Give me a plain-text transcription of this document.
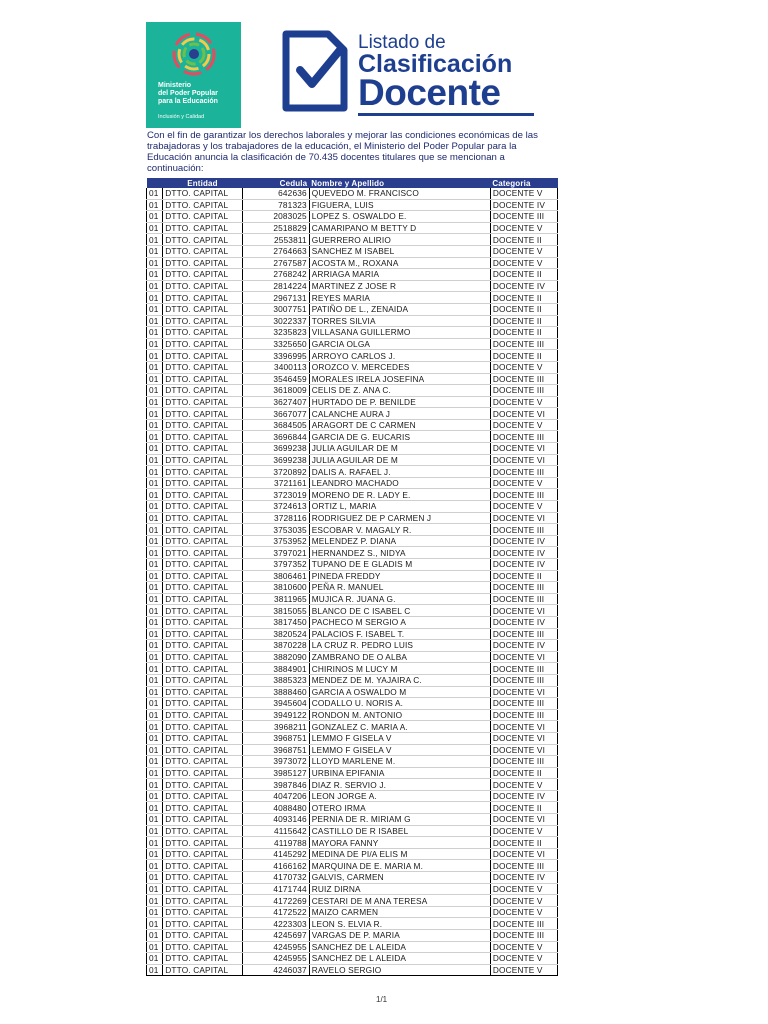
Ministerio
del Poder Popular
para la Educación
Inclusión y Calidad
Listado de
Clasificación
Docente
Con el fin de garantizar los derechos laborales y mejorar las condiciones económicas de las trabajadoras y los trabajadores de la educación, el Ministerio del Poder Popular para la Educación anuncia la clasificación de 70.435 docentes titulares que se mencionan a continuación:
	Entidad	Cedula	Nombre y Apellido	Categoria
01	DTTO. CAPITAL	642636	QUEVEDO M. FRANCISCO	DOCENTE V
01	DTTO. CAPITAL	781323	FIGUERA, LUIS	DOCENTE IV
01	DTTO. CAPITAL	2083025	LOPEZ S. OSWALDO E.	DOCENTE III
01	DTTO. CAPITAL	2518829	CAMARIPANO M BETTY D	DOCENTE V
01	DTTO. CAPITAL	2553811	GUERRERO ALIRIO	DOCENTE II
01	DTTO. CAPITAL	2764663	SANCHEZ M ISABEL	DOCENTE V
01	DTTO. CAPITAL	2767587	ACOSTA M., ROXANA	DOCENTE V
01	DTTO. CAPITAL	2768242	ARRIAGA MARIA	DOCENTE II
01	DTTO. CAPITAL	2814224	MARTINEZ Z JOSE R	DOCENTE IV
01	DTTO. CAPITAL	2967131	REYES MARIA	DOCENTE II
01	DTTO. CAPITAL	3007751	PATIÑO DE L., ZENAIDA	DOCENTE II
01	DTTO. CAPITAL	3022337	TORRES SILVIA	DOCENTE II
01	DTTO. CAPITAL	3235823	VILLASANA GUILLERMO	DOCENTE II
01	DTTO. CAPITAL	3325650	GARCIA OLGA	DOCENTE III
01	DTTO. CAPITAL	3396995	ARROYO CARLOS J.	DOCENTE II
01	DTTO. CAPITAL	3400113	OROZCO V. MERCEDES	DOCENTE V
01	DTTO. CAPITAL	3546459	MORALES IRELA JOSEFINA	DOCENTE III
01	DTTO. CAPITAL	3618009	CELIS DE Z. ANA C.	DOCENTE III
01	DTTO. CAPITAL	3627407	HURTADO DE P. BENILDE	DOCENTE V
01	DTTO. CAPITAL	3667077	CALANCHE AURA J	DOCENTE VI
01	DTTO. CAPITAL	3684505	ARAGORT DE C CARMEN	DOCENTE V
01	DTTO. CAPITAL	3696844	GARCIA DE G. EUCARIS	DOCENTE III
01	DTTO. CAPITAL	3699238	JULIA AGUILAR DE M	DOCENTE VI
01	DTTO. CAPITAL	3699238	JULIA AGUILAR DE M	DOCENTE VI
01	DTTO. CAPITAL	3720892	DALIS A. RAFAEL J.	DOCENTE III
01	DTTO. CAPITAL	3721161	LEANDRO MACHADO	DOCENTE V
01	DTTO. CAPITAL	3723019	MORENO DE R. LADY E.	DOCENTE III
01	DTTO. CAPITAL	3724613	ORTIZ L, MARIA	DOCENTE V
01	DTTO. CAPITAL	3728116	RODRIGUEZ DE P CARMEN J	DOCENTE VI
01	DTTO. CAPITAL	3753035	ESCOBAR V. MAGALY R.	DOCENTE III
01	DTTO. CAPITAL	3753952	MELENDEZ P. DIANA	DOCENTE IV
01	DTTO. CAPITAL	3797021	HERNANDEZ S., NIDYA	DOCENTE IV
01	DTTO. CAPITAL	3797352	TUPANO DE E GLADIS M	DOCENTE IV
01	DTTO. CAPITAL	3806461	PINEDA FREDDY	DOCENTE II
01	DTTO. CAPITAL	3810600	PEÑA R. MANUEL	DOCENTE III
01	DTTO. CAPITAL	3811965	MUJICA R. JUANA G.	DOCENTE III
01	DTTO. CAPITAL	3815055	BLANCO DE C ISABEL C	DOCENTE VI
01	DTTO. CAPITAL	3817450	PACHECO M SERGIO A	DOCENTE IV
01	DTTO. CAPITAL	3820524	PALACIOS F. ISABEL T.	DOCENTE III
01	DTTO. CAPITAL	3870228	LA CRUZ R. PEDRO LUIS	DOCENTE IV
01	DTTO. CAPITAL	3882090	ZAMBRANO DE O ALBA	DOCENTE VI
01	DTTO. CAPITAL	3884901	CHIRINOS M LUCY M	DOCENTE III
01	DTTO. CAPITAL	3885323	MENDEZ DE M. YAJAIRA C.	DOCENTE III
01	DTTO. CAPITAL	3888460	GARCIA A OSWALDO M	DOCENTE VI
01	DTTO. CAPITAL	3945604	CODALLO U. NORIS A.	DOCENTE III
01	DTTO. CAPITAL	3949122	RONDON M. ANTONIO	DOCENTE III
01	DTTO. CAPITAL	3968211	GONZALEZ C. MARIA A.	DOCENTE VI
01	DTTO. CAPITAL	3968751	LEMMO F GISELA V	DOCENTE VI
01	DTTO. CAPITAL	3968751	LEMMO F GISELA V	DOCENTE VI
01	DTTO. CAPITAL	3973072	LLOYD MARLENE M.	DOCENTE III
01	DTTO. CAPITAL	3985127	URBINA EPIFANIA	DOCENTE II
01	DTTO. CAPITAL	3987846	DIAZ R. SERVIO J.	DOCENTE V
01	DTTO. CAPITAL	4047206	LEON JORGE A.	DOCENTE IV
01	DTTO. CAPITAL	4088480	OTERO IRMA	DOCENTE II
01	DTTO. CAPITAL	4093146	PERNIA DE R. MIRIAM G	DOCENTE VI
01	DTTO. CAPITAL	4115642	CASTILLO DE R ISABEL	DOCENTE V
01	DTTO. CAPITAL	4119788	MAYORA FANNY	DOCENTE II
01	DTTO. CAPITAL	4145292	MEDINA DE PI/A ELIS M	DOCENTE VI
01	DTTO. CAPITAL	4166162	MARQUINA DE E. MARIA M.	DOCENTE III
01	DTTO. CAPITAL	4170732	GALVIS, CARMEN	DOCENTE IV
01	DTTO. CAPITAL	4171744	RUIZ DIRNA	DOCENTE V
01	DTTO. CAPITAL	4172269	CESTARI DE M ANA TERESA	DOCENTE V
01	DTTO. CAPITAL	4172522	MAIZO CARMEN	DOCENTE V
01	DTTO. CAPITAL	4223303	LEON S. ELVIA R.	DOCENTE III
01	DTTO. CAPITAL	4245697	VARGAS DE P. MARIA	DOCENTE III
01	DTTO. CAPITAL	4245955	SANCHEZ DE L ALEIDA	DOCENTE V
01	DTTO. CAPITAL	4245955	SANCHEZ DE L ALEIDA	DOCENTE V
01	DTTO. CAPITAL	4246037	RAVELO SERGIO	DOCENTE V
1/1
